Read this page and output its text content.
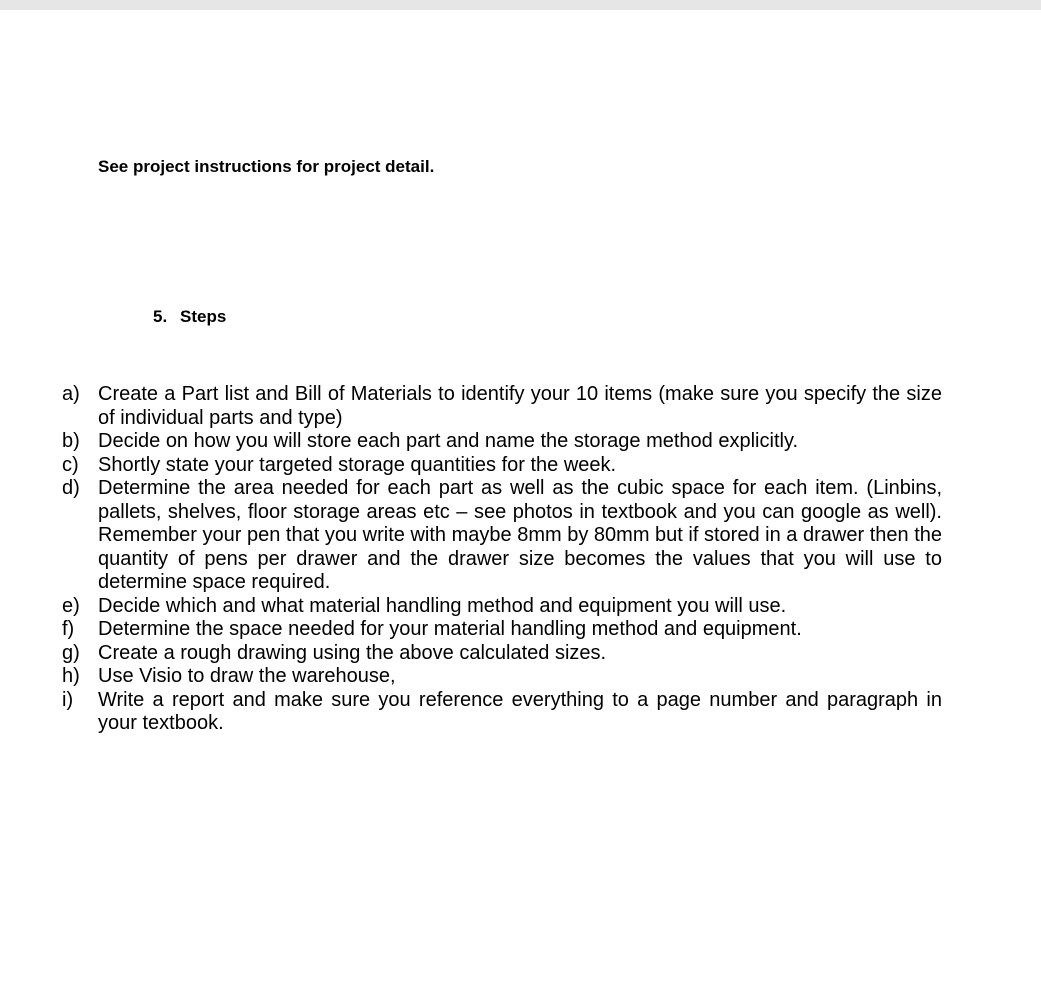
See project instructions for project detail.
5. Steps
a) Create a Part list and Bill of Materials to identify your 10 items (make sure you specify the size of individual parts and type)
b) Decide on how you will store each part and name the storage method explicitly.
c) Shortly state your targeted storage quantities for the week.
d) Determine the area needed for each part as well as the cubic space for each item. (Linbins, pallets, shelves, floor storage areas etc – see photos in textbook and you can google as well). Remember your pen that you write with maybe 8mm by 80mm but if stored in a drawer then the quantity of pens per drawer and the drawer size becomes the values that you will use to determine space required.
e) Decide which and what material handling method and equipment you will use.
f)	Determine the space needed for your material handling method and equipment.
g) Create a rough drawing using the above calculated sizes.
h) Use Visio to draw the warehouse,
i)	Write a report and make sure you reference everything to a page number and paragraph in your textbook.
